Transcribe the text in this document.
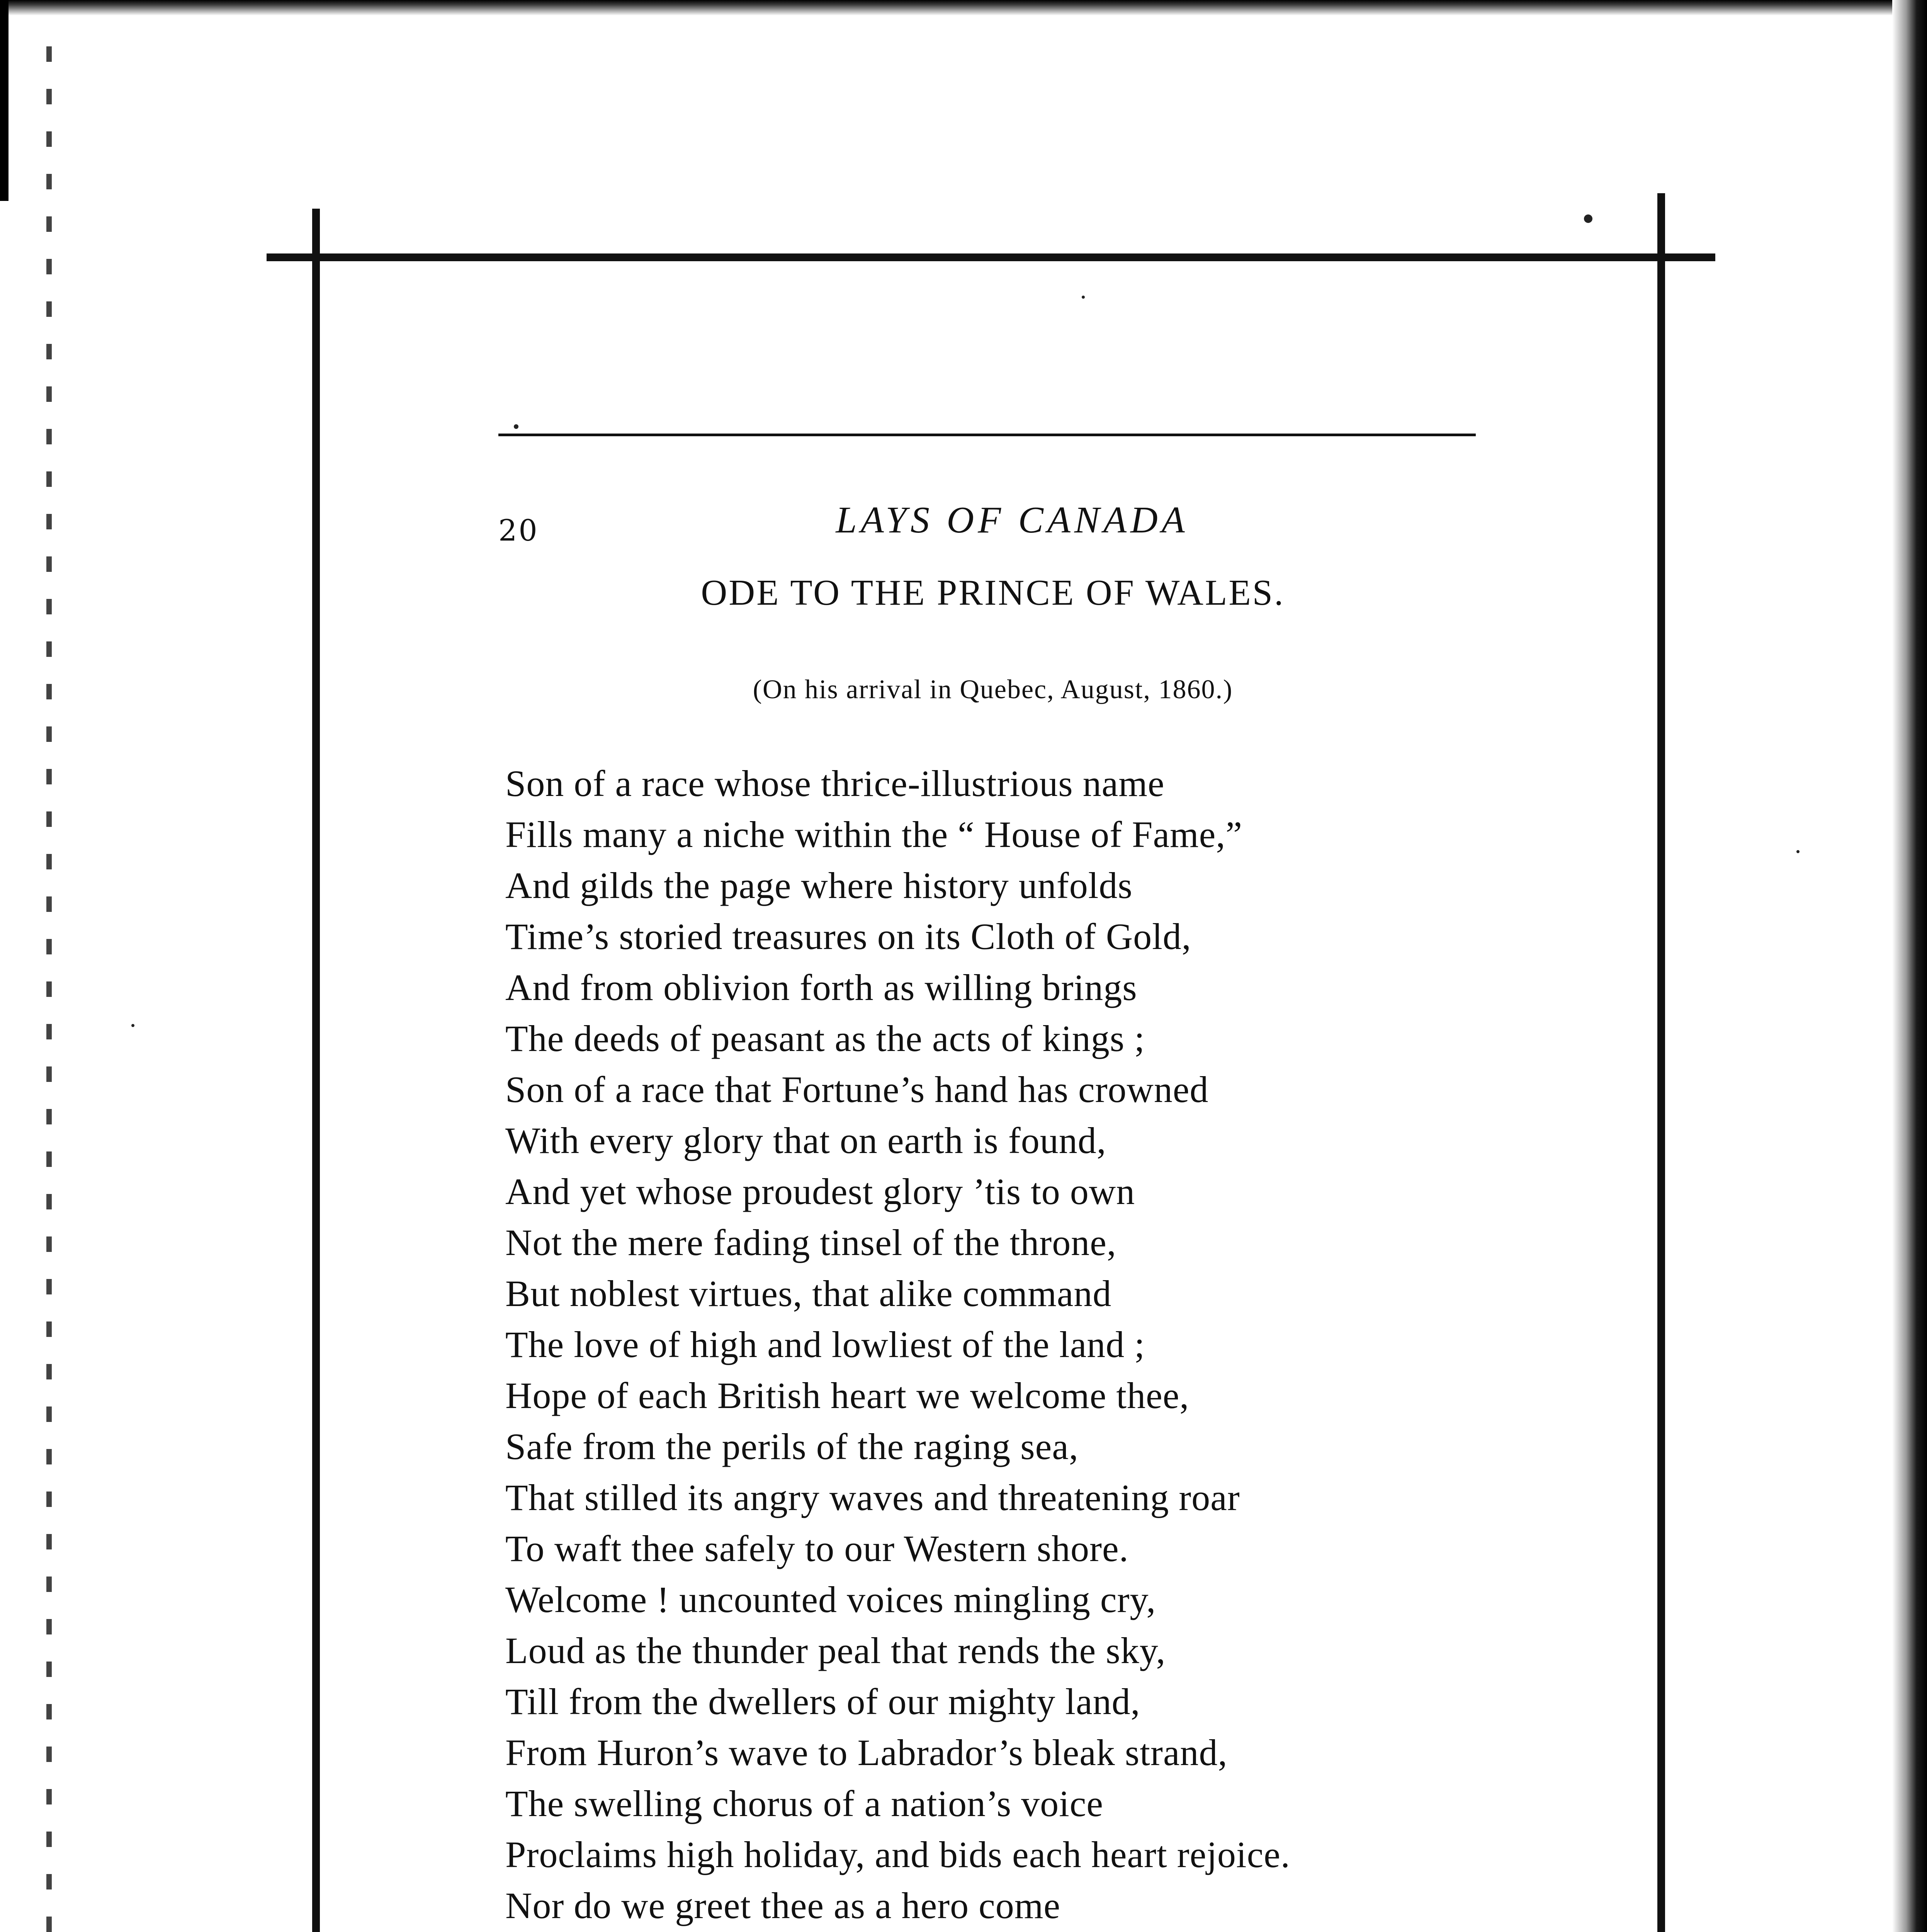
20	LAYS OF CANADA
ODE TO THE PRINCE OF WALES.
(On his arrival in Quebec, August, 1860.)
Son of a race whose thrice-illustrious name
Fills many a niche within the “ House of Fame,”
And gilds the page where history unfolds
Time’s storied treasures on its Cloth of Gold,
And from oblivion forth as willing brings
The deeds of peasant as the acts of kings ;
Son of a race that Fortune’s hand has crowned
With every glory that on earth is found,
And yet whose proudest glory ’tis to own
Not the mere fading tinsel of the throne,
But noblest virtues, that alike command
The love of high and lowliest of the land ;
Hope of each British heart we welcome thee,
Safe from the perils of the raging sea,
That stilled its angry waves and threatening roar
To waft thee safely to our Western shore.
Welcome ! uncounted voices mingling cry,
Loud as the thunder peal that rends the sky,
Till from the dwellers of our mighty land,
From Huron’s wave to Labrador’s bleak strand,
The swelling chorus of a nation’s voice
Proclaims high holiday, and bids each heart rejoice.
Nor do we greet thee as a hero come
